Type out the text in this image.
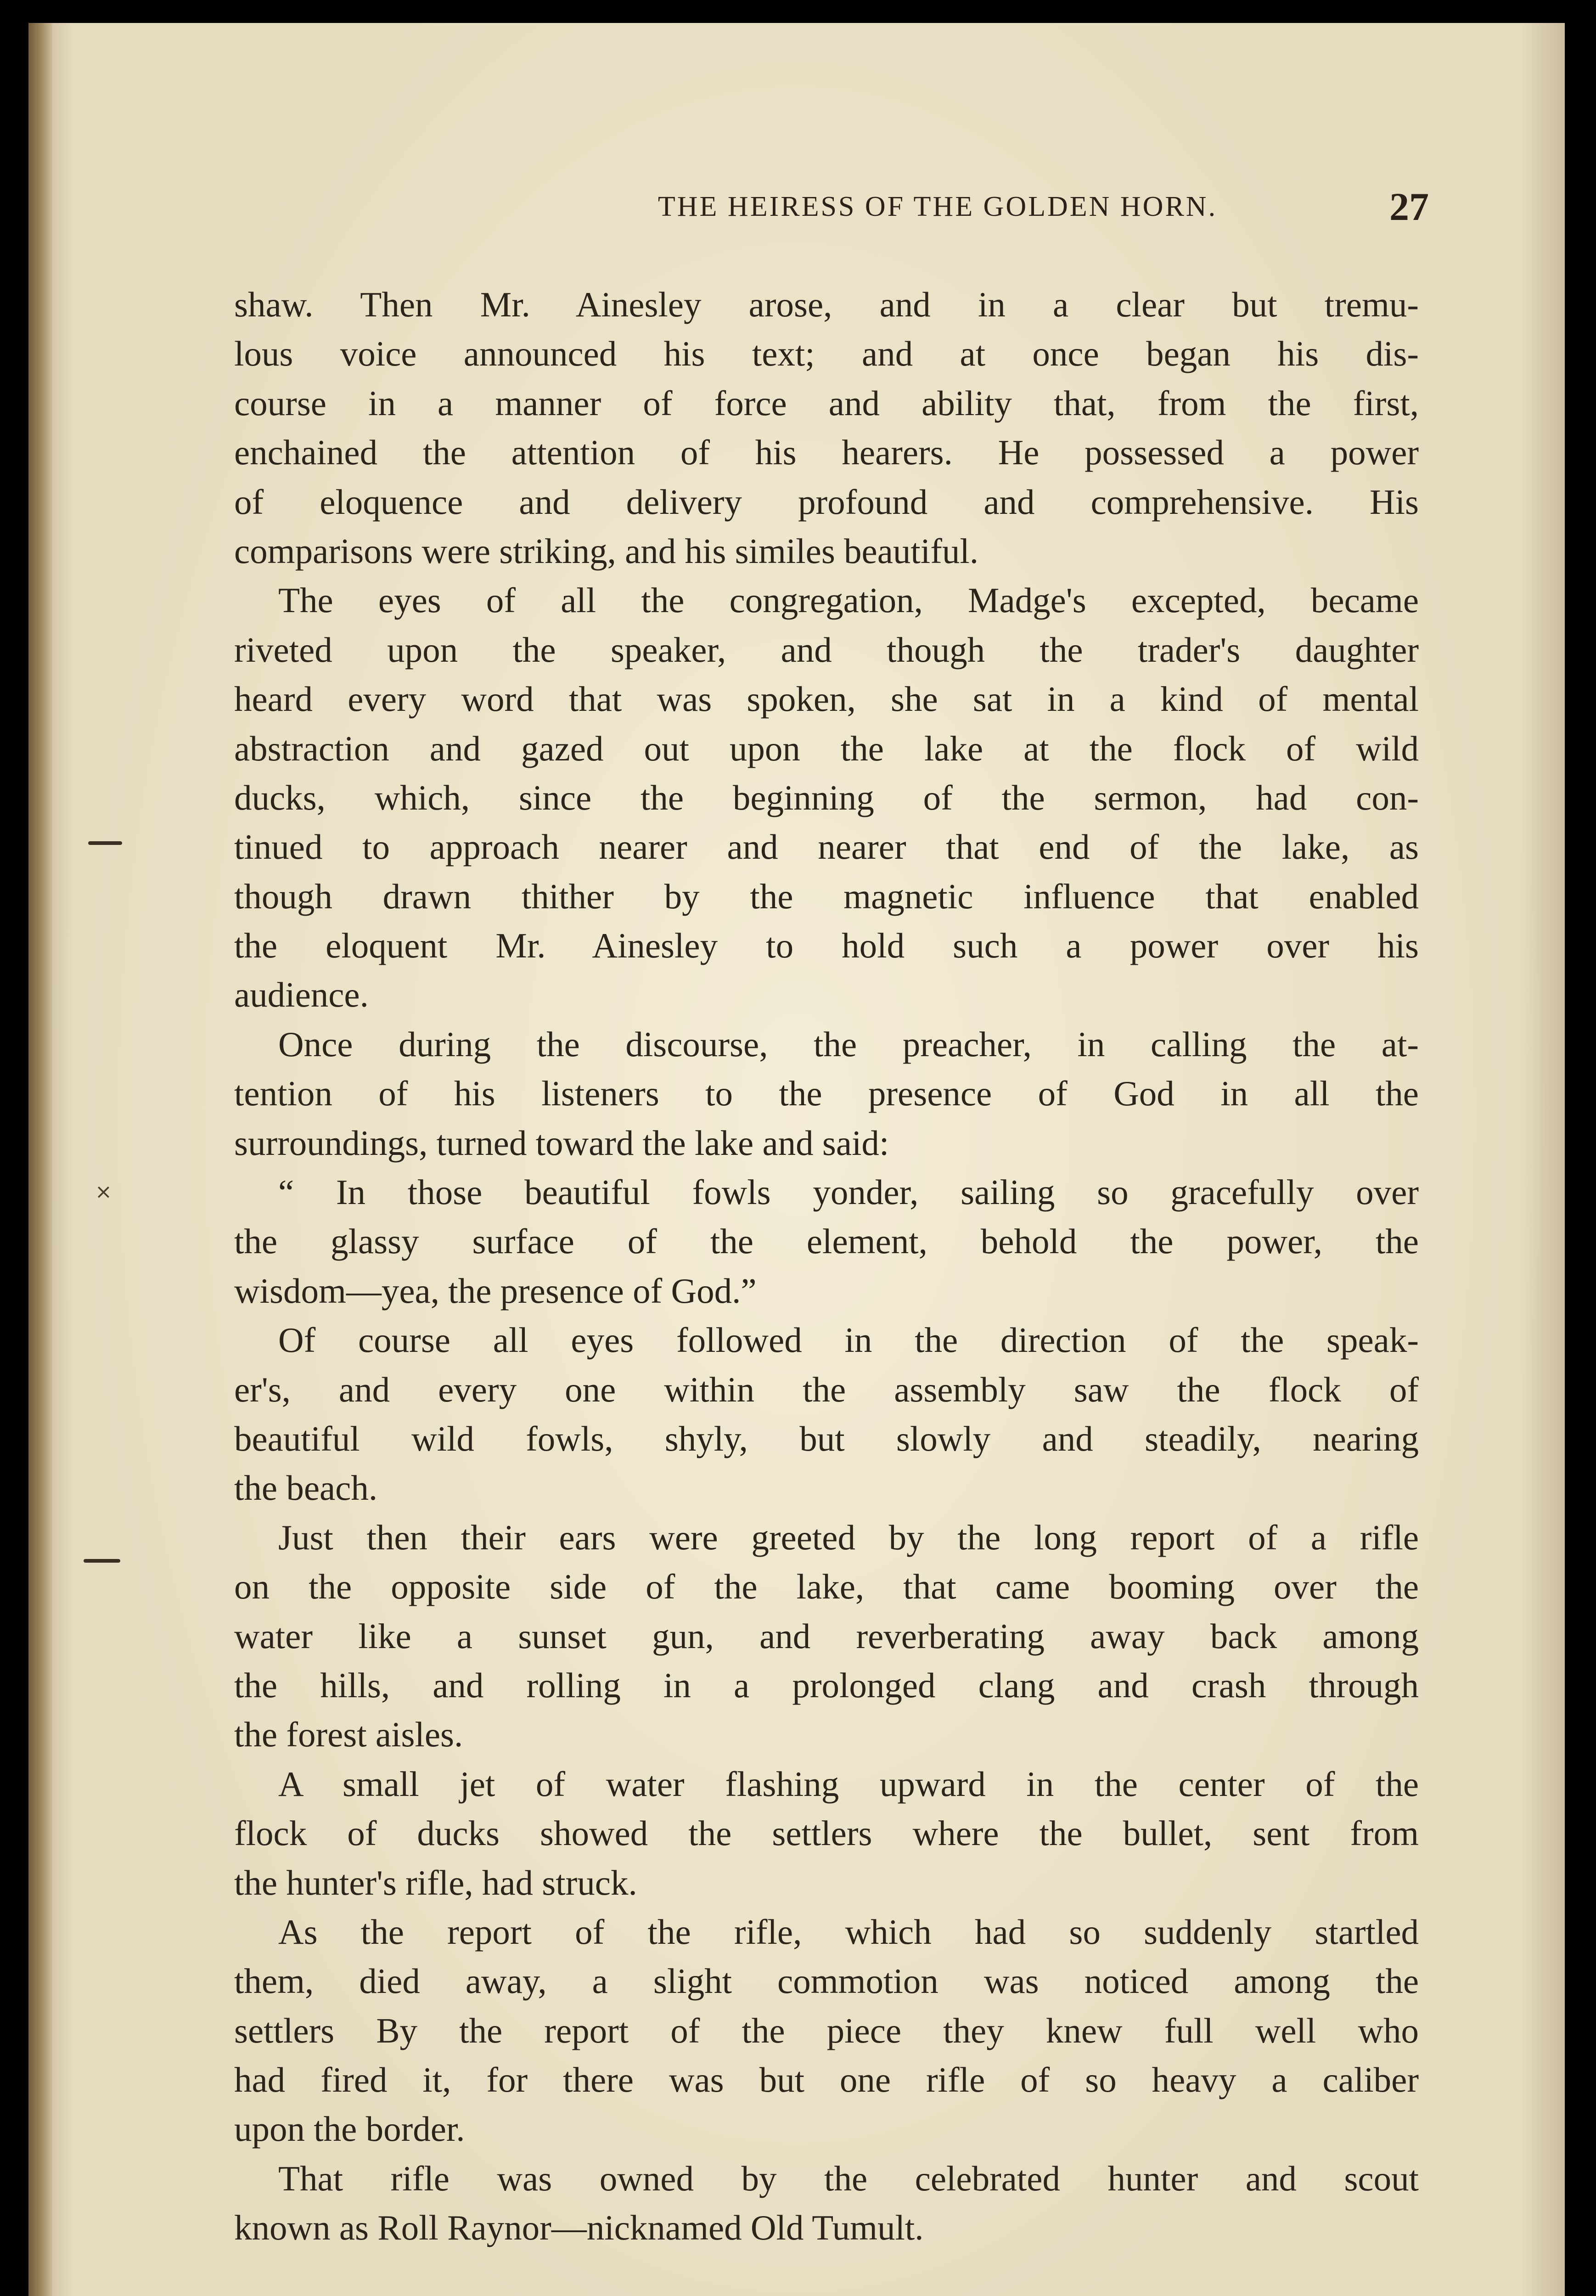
THE HEIRESS OF THE GOLDEN HORN.	27
⨯
shaw. Then Mr. Ainesley arose, and in a clear but tremu-
lous voice announced his text; and at once began his dis-
course in a manner of force and ability that, from the first,
enchained the attention of his hearers. He possessed a power
of eloquence and delivery profound and comprehensive. His
comparisons were striking, and his similes beautiful.
The eyes of all the congregation, Madge's excepted, became
riveted upon the speaker, and though the trader's daughter
heard every word that was spoken, she sat in a kind of mental
abstraction and gazed out upon the lake at the flock of wild
ducks, which, since the beginning of the sermon, had con-
tinued to approach nearer and nearer that end of the lake, as
though drawn thither by the magnetic influence that enabled
the eloquent Mr. Ainesley to hold such a power over his
audience.
Once during the discourse, the preacher, in calling the at-
tention of his listeners to the presence of God in all the
surroundings, turned toward the lake and said:
“ In those beautiful fowls yonder, sailing so gracefully over
the glassy surface of the element, behold the power, the
wisdom—yea, the presence of God.”
Of course all eyes followed in the direction of the speak-
er's, and every one within the assembly saw the flock of
beautiful wild fowls, shyly, but slowly and steadily, nearing
the beach.
Just then their ears were greeted by the long report of a rifle
on the opposite side of the lake, that came booming over the
water like a sunset gun, and reverberating away back among
the hills, and rolling in a prolonged clang and crash through
the forest aisles.
A small jet of water flashing upward in the center of the
flock of ducks showed the settlers where the bullet, sent from
the hunter's rifle, had struck.
As the report of the rifle, which had so suddenly startled
them, died away, a slight commotion was noticed among the
settlers By the report of the piece they knew full well who
had fired it, for there was but one rifle of so heavy a caliber
upon the border.
That rifle was owned by the celebrated hunter and scout
known as Roll Raynor—nicknamed Old Tumult.
